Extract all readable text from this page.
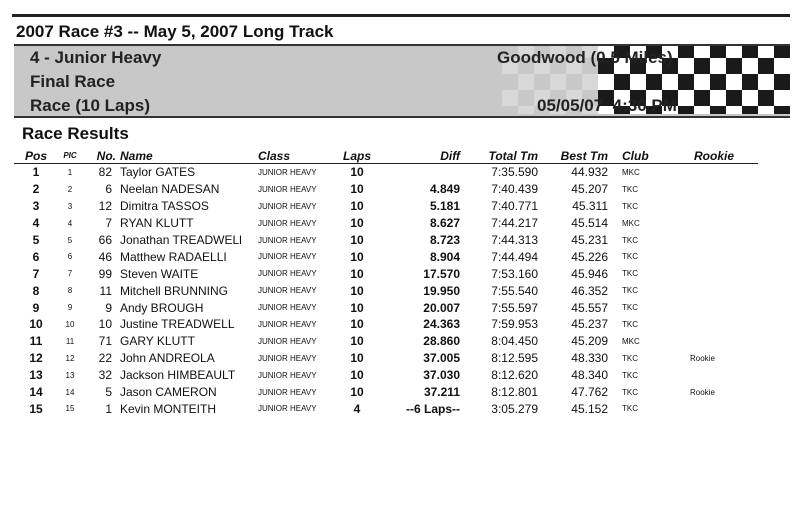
2007 Race #3 -- May 5, 2007 Long Track
4 - Junior Heavy
Final Race
Race (10 Laps)
Goodwood (0.5 Miles)
05/05/07  4:30 PM
Race Results
Pos	PIC	No.	Name	Class	Laps	Diff	Total Tm	Best Tm	Club	Rookie
1	1	82	Taylor GATES	JUNIOR HEAVY	10		7:35.590	44.932	MKC	
2	2	6	Neelan NADESAN	JUNIOR HEAVY	10	4.849	7:40.439	45.207	TKC	
3	3	12	Dimitra TASSOS	JUNIOR HEAVY	10	5.181	7:40.771	45.311	TKC	
4	4	7	RYAN KLUTT	JUNIOR HEAVY	10	8.627	7:44.217	45.514	MKC	
5	5	66	Jonathan TREADWELl	JUNIOR HEAVY	10	8.723	7:44.313	45.231	TKC	
6	6	46	Matthew RADAELLI	JUNIOR HEAVY	10	8.904	7:44.494	45.226	TKC	
7	7	99	Steven WAITE	JUNIOR HEAVY	10	17.570	7:53.160	45.946	TKC	
8	8	11	Mitchell BRUNNING	JUNIOR HEAVY	10	19.950	7:55.540	46.352	TKC	
9	9	9	Andy BROUGH	JUNIOR HEAVY	10	20.007	7:55.597	45.557	TKC	
10	10	10	Justine TREADWELL	JUNIOR HEAVY	10	24.363	7:59.953	45.237	TKC	
11	11	71	GARY KLUTT	JUNIOR HEAVY	10	28.860	8:04.450	45.209	MKC	
12	12	22	John ANDREOLA	JUNIOR HEAVY	10	37.005	8:12.595	48.330	TKC	Rookie
13	13	32	Jackson HIMBEAULT	JUNIOR HEAVY	10	37.030	8:12.620	48.340	TKC	
14	14	5	Jason CAMERON	JUNIOR HEAVY	10	37.211	8:12.801	47.762	TKC	Rookie
15	15	1	Kevin MONTEITH	JUNIOR HEAVY	4	--6 Laps--	3:05.279	45.152	TKC	
